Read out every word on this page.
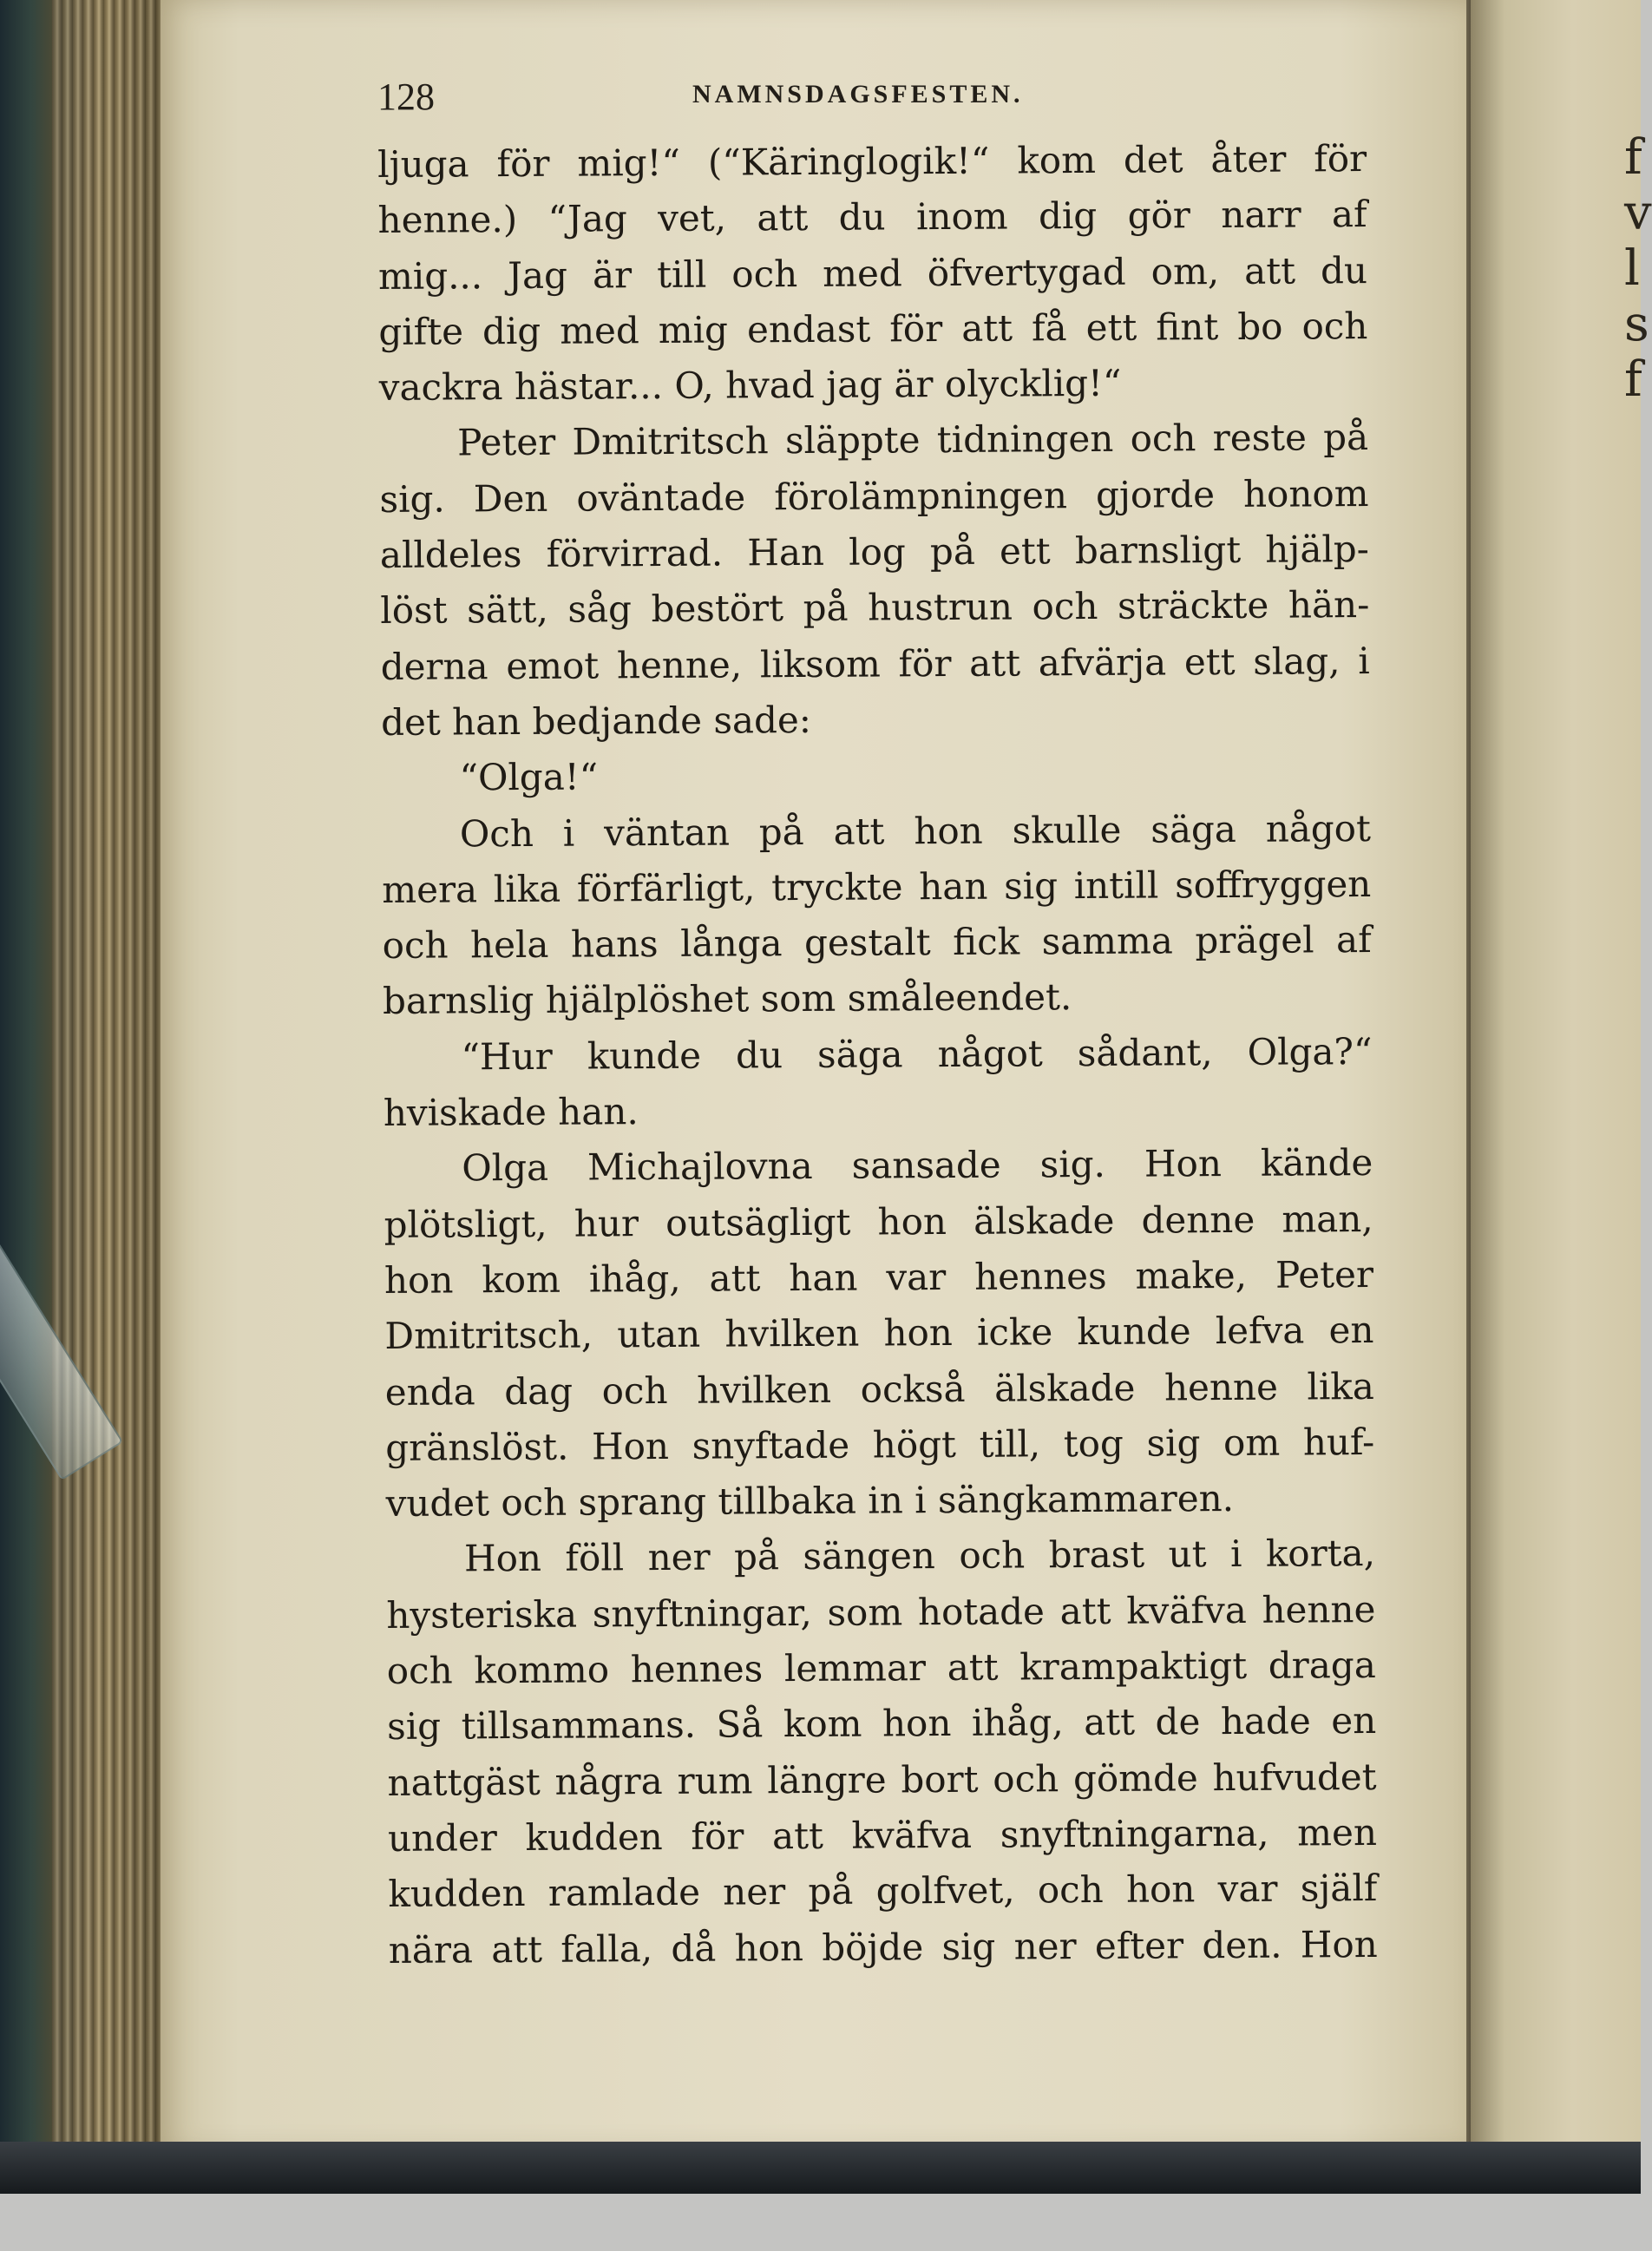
f
v
l
s
f
128	NAMNSDAGSFESTEN.
ljuga för mig!“ (“Käringlogik!“ kom det åter för
henne.) “Jag vet, att du inom dig gör narr af
mig... Jag är till och med öfvertygad om, att du
gifte dig med mig endast för att få ett fint bo och
vackra hästar... O, hvad jag är olycklig!“
Peter Dmitritsch släppte tidningen och reste på
sig. Den oväntade förolämpningen gjorde honom
alldeles förvirrad. Han log på ett barnsligt hjälp-
löst sätt, såg bestört på hustrun och sträckte hän-
derna emot henne, liksom för att afvärja ett slag, i
det han bedjande sade:
“Olga!“
Och i väntan på att hon skulle säga något
mera lika förfärligt, tryckte han sig intill soffryggen
och hela hans långa gestalt fick samma prägel af
barnslig hjälplöshet som småleendet.
“Hur kunde du säga något sådant, Olga?“
hviskade han.
Olga Michajlovna sansade sig. Hon kände
plötsligt, hur outsägligt hon älskade denne man,
hon kom ihåg, att han var hennes make, Peter
Dmitritsch, utan hvilken hon icke kunde lefva en
enda dag och hvilken också älskade henne lika
gränslöst. Hon snyftade högt till, tog sig om huf-
vudet och sprang tillbaka in i sängkammaren.
Hon föll ner på sängen och brast ut i korta,
hysteriska snyftningar, som hotade att kväfva henne
och kommo hennes lemmar att krampaktigt draga
sig tillsammans. Så kom hon ihåg, att de hade en
nattgäst några rum längre bort och gömde hufvudet
under kudden för att kväfva snyftningarna, men
kudden ramlade ner på golfvet, och hon var själf
nära att falla, då hon böjde sig ner efter den. Hon
